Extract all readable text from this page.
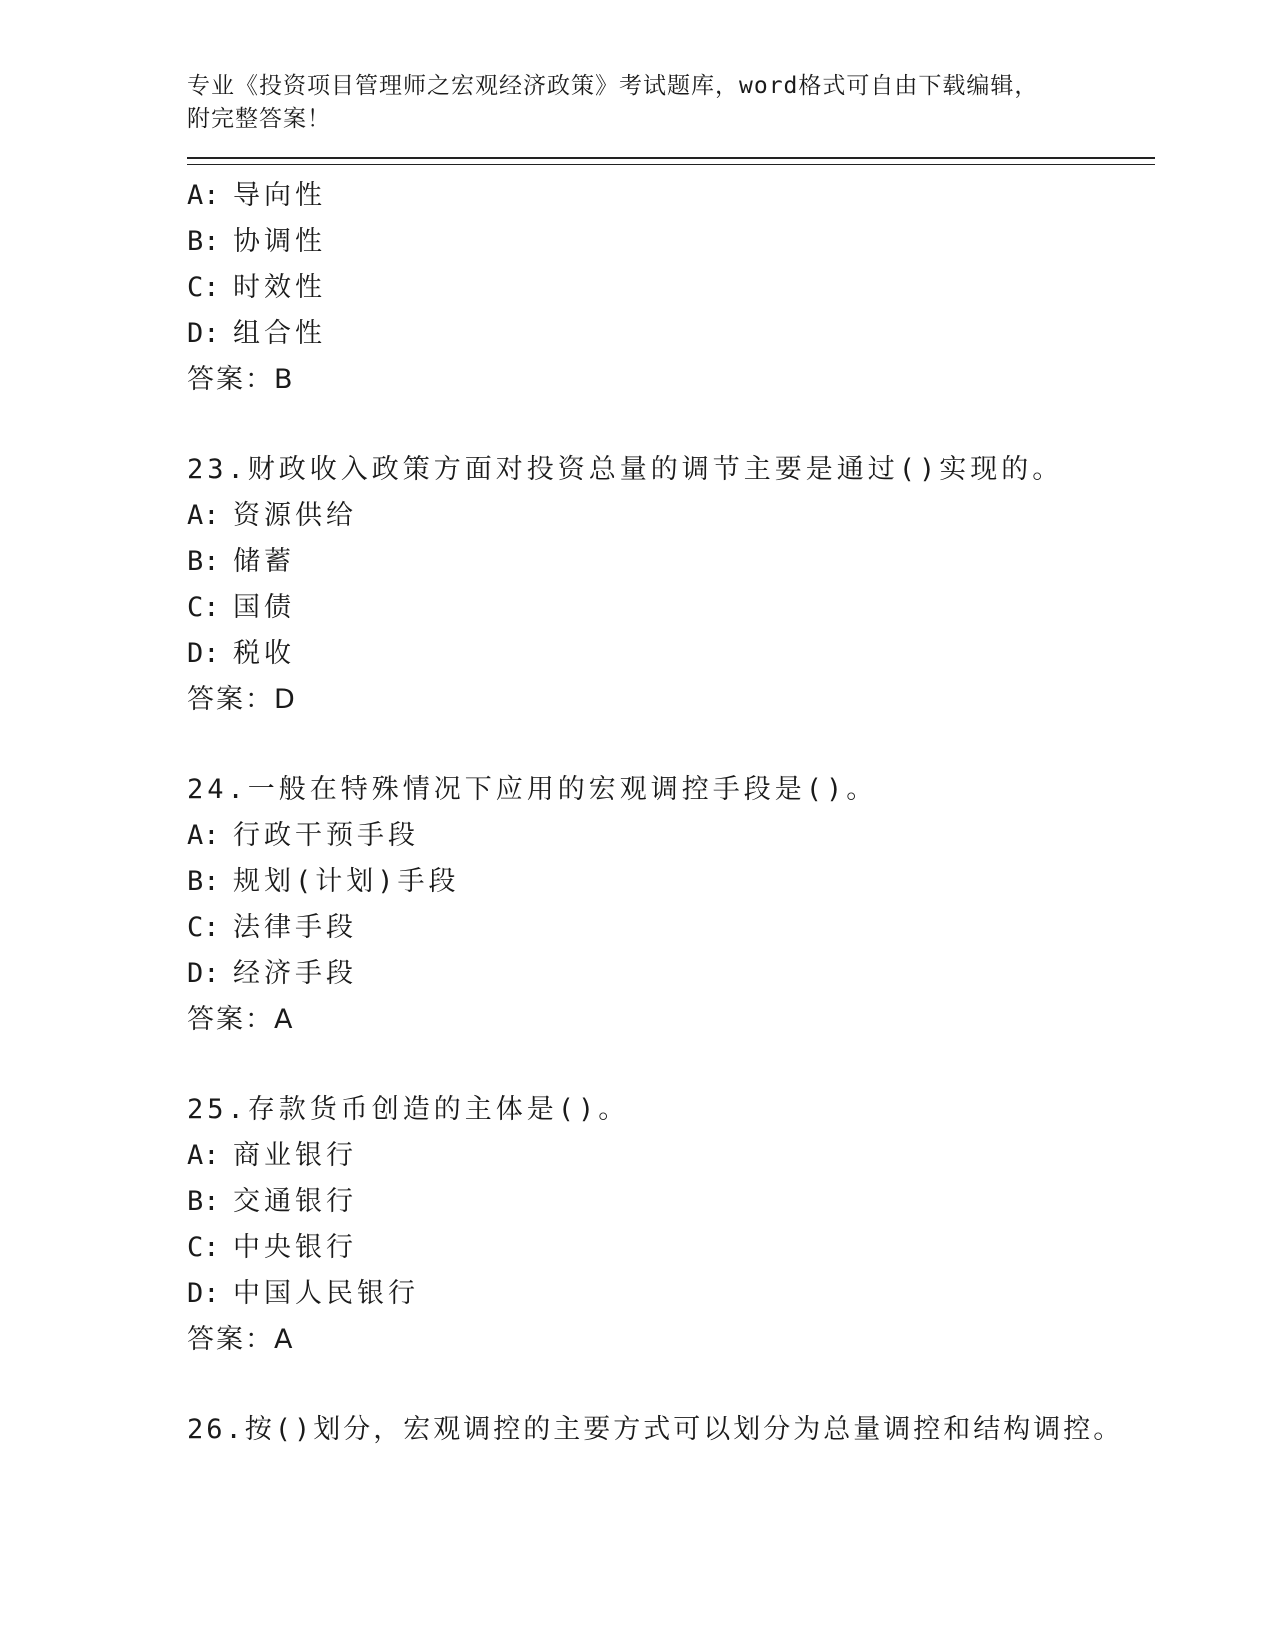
专业《投资项目管理师之宏观经济政策》考试题库，word格式可自由下载编辑，
附完整答案！
A: 导向性
B: 协调性
C: 时效性
D: 组合性
答案：B
23.财政收入政策方面对投资总量的调节主要是通过()实现的。
A: 资源供给
B: 储蓄
C: 国债
D: 税收
答案：D
24.一般在特殊情况下应用的宏观调控手段是()。
A: 行政干预手段
B: 规划(计划)手段
C: 法律手段
D: 经济手段
答案：A
25.存款货币创造的主体是()。
A: 商业银行
B: 交通银行
C: 中央银行
D: 中国人民银行
答案：A
26.按()划分，宏观调控的主要方式可以划分为总量调控和结构调控。
